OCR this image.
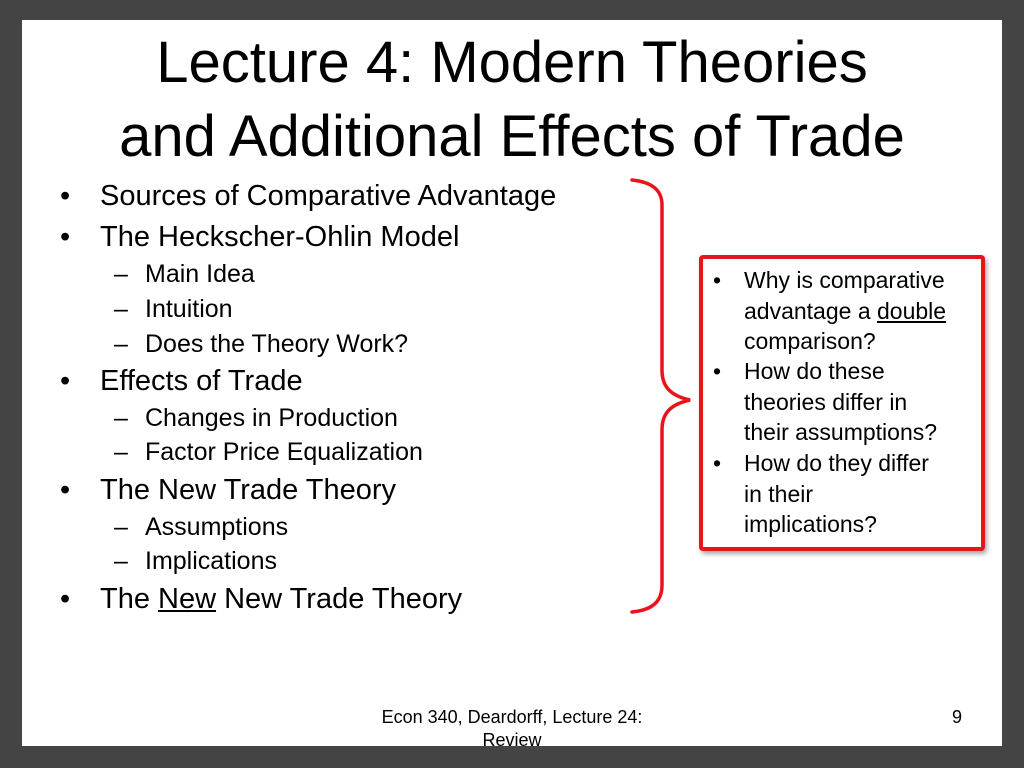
Lecture 4: Modern Theories
and Additional Effects of Trade
• Sources of Comparative Advantage
• The Heckscher-Ohlin Model
– Main Idea
– Intuition
– Does the Theory Work?
• Effects of Trade
– Changes in Production
– Factor Price Equalization
• The New Trade Theory
– Assumptions
– Implications
• The New New Trade Theory
• Why is comparative
advantage a double
comparison?
• How do these
theories differ in
their assumptions?
• How do they differ
in their
implications?
Econ 340, Deardorff, Lecture 24:
Review
9
